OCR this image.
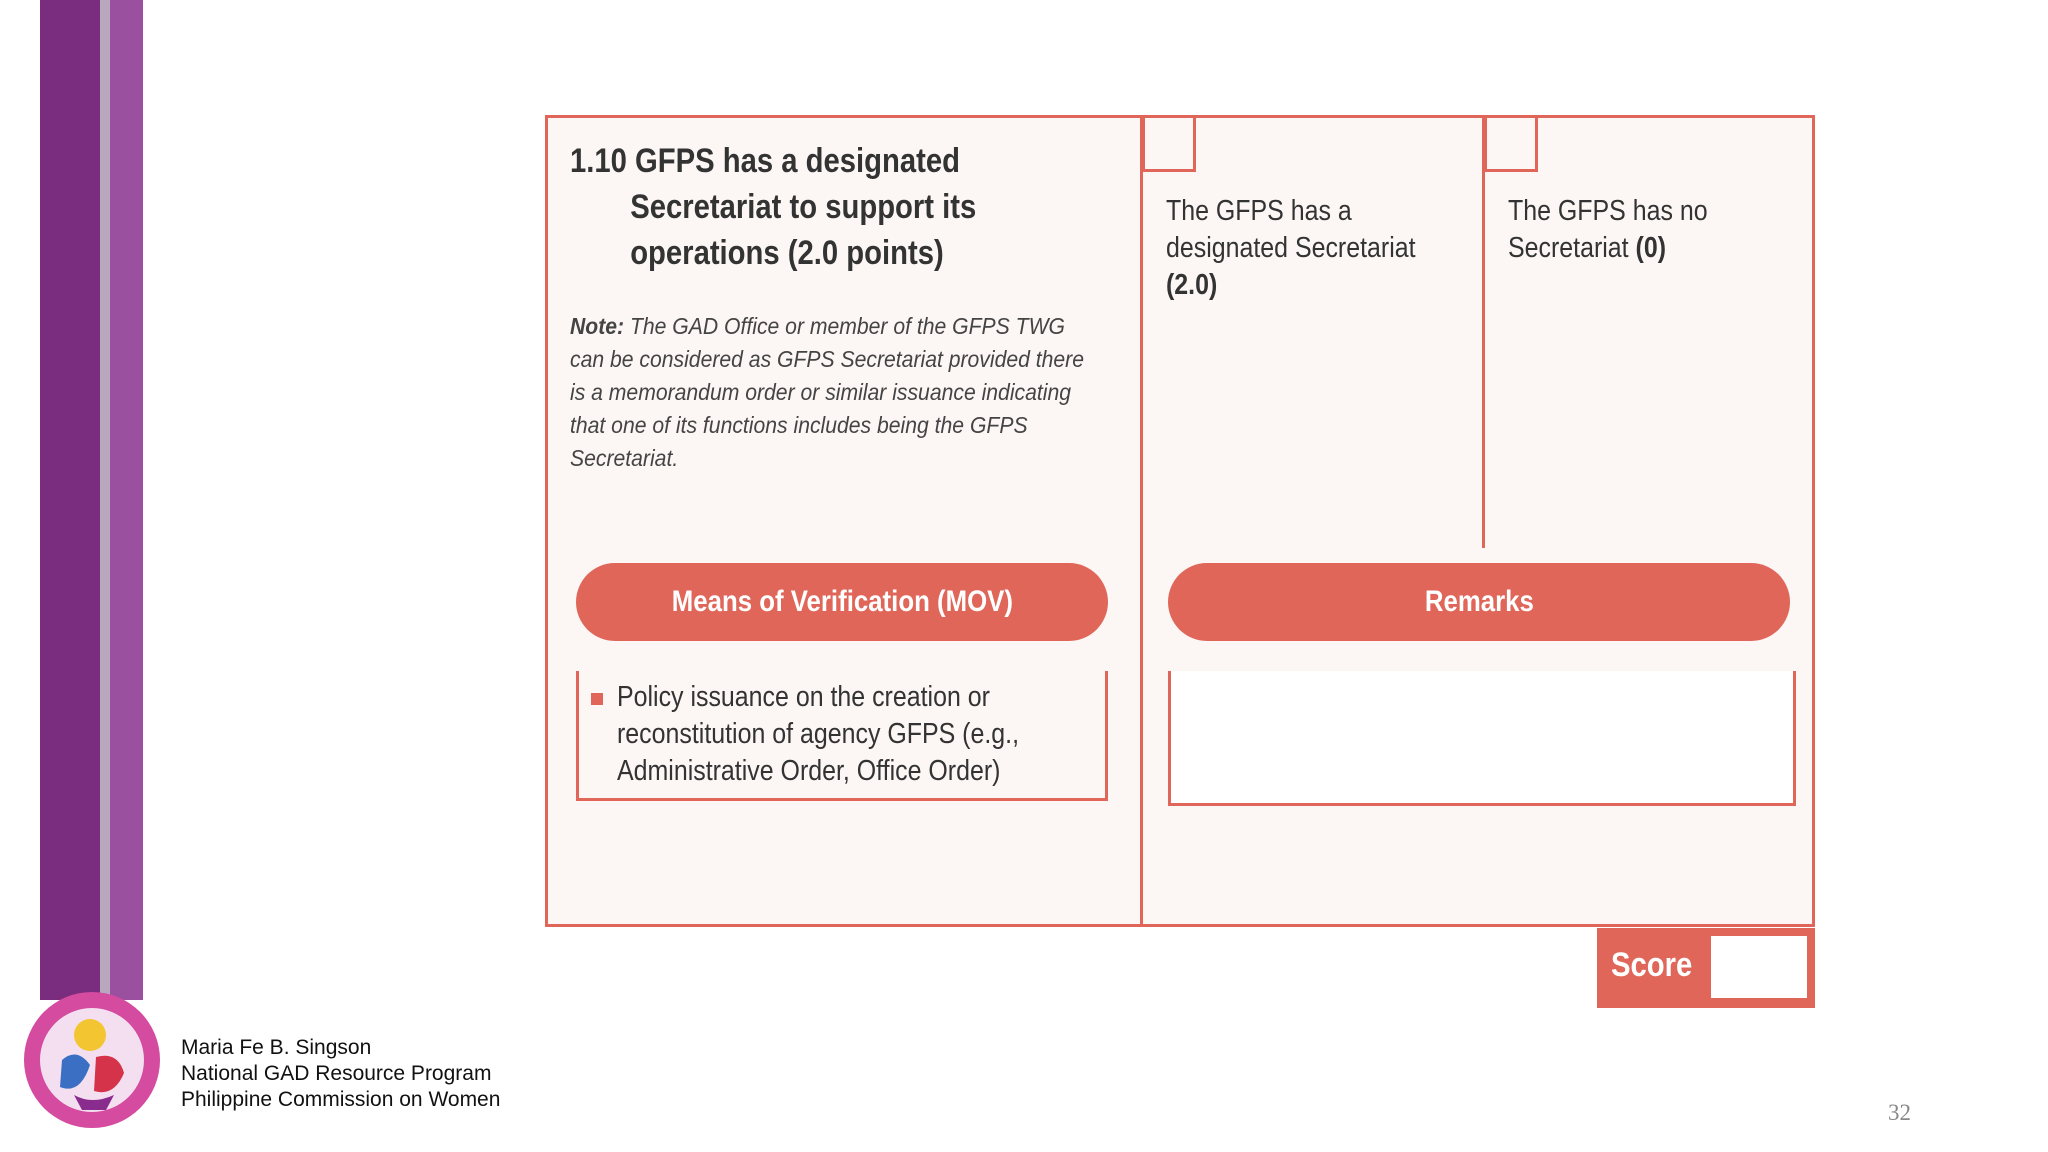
1.10 GFPS has a designated
Secretariat to support its
operations (2.0 points)
Note: The GAD Office or member of the GFPS TWG can be considered as GFPS Secretariat provided there is a memorandum order or similar issuance indicating that one of its functions includes being the GFPS Secretariat.
The GFPS has a designated Secretariat (2.0)
The GFPS has no Secretariat (0)
Means of Verification (MOV)	Remarks
Policy issuance on the creation or reconstitution of agency GFPS (e.g., Administrative Order, Office Order)
Score
Maria Fe B. Singson
National GAD Resource Program
Philippine Commission on Women
32
